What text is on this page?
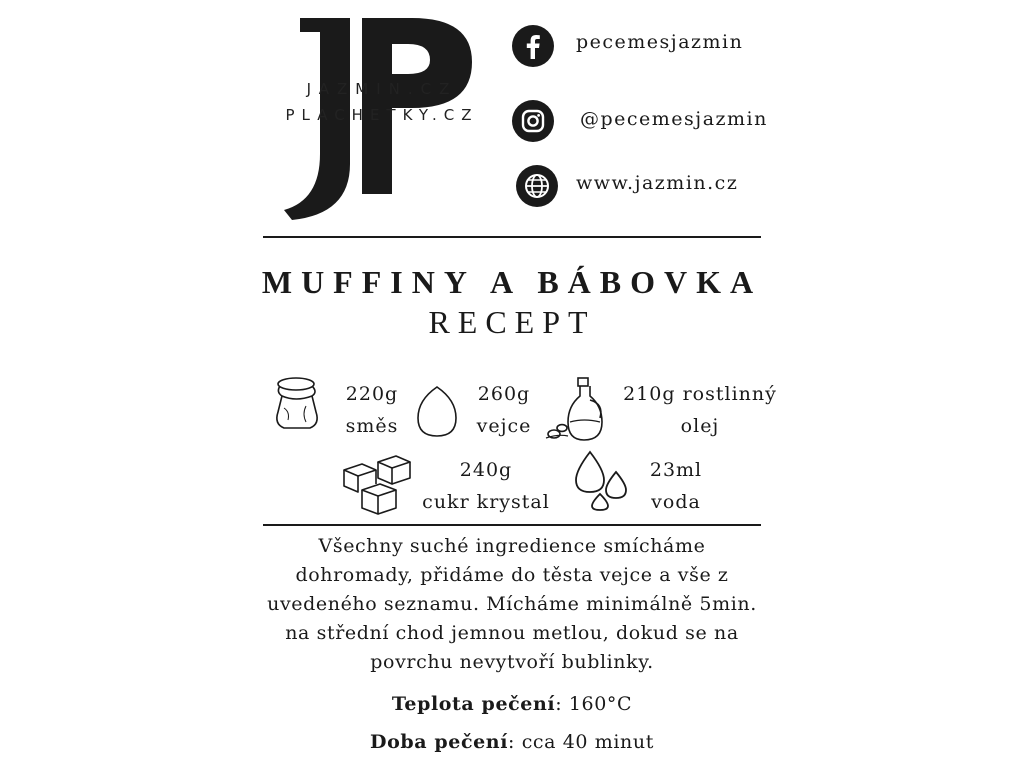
JAZMIN.CZ
PLACHETKY.CZ
pecemesjazmin
@pecemesjazmin
www.jazmin.cz
MUFFINY A BÁBOVKA
RECEPT
220g
směs
260g
vejce
210g rostlinný
olej
240g
cukr krystal
23ml
voda
Všechny suché ingredience smícháme
dohromady, přidáme do těsta vejce a vše z
uvedeného seznamu. Mícháme minimálně 5min.
na střední chod jemnou metlou, dokud se na
povrchu nevytvoří bublinky.
Teplota pečení: 160°C
Doba pečení: cca 40 minut
